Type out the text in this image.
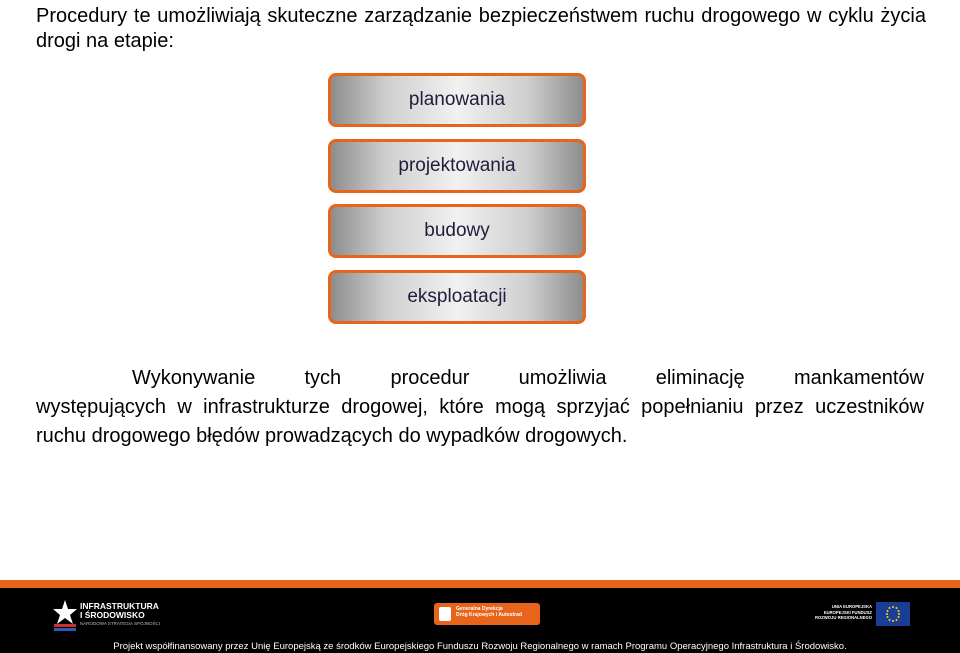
Procedury te umożliwiają skuteczne zarządzanie bezpieczeństwem ruchu drogowego w cyklu życia drogi na etapie:

planowania
projektowania
budowy
eksploatacji
Wykonywanie tych procedur umożliwia eliminację mankamentów
występujących w infrastrukturze drogowej, które mogą sprzyjać popełnianiu przez uczestników ruchu drogowego błędów prowadzących do wypadków drogowych.
INFRASTRUKTURA
I ŚRODOWISKO
NARODOWA STRATEGIA SPÓJNOŚCI
Generalna Dyrekcja
Dróg Krajowych i Autostrad
UNIA EUROPEJSKA
EUROPEJSKI FUNDUSZ
ROZWOJU REGIONALNEGO
Projekt współfinansowany przez Unię Europejską ze środków Europejskiego Funduszu Rozwoju Regionalnego w ramach Programu Operacyjnego Infrastruktura i Środowisko.
